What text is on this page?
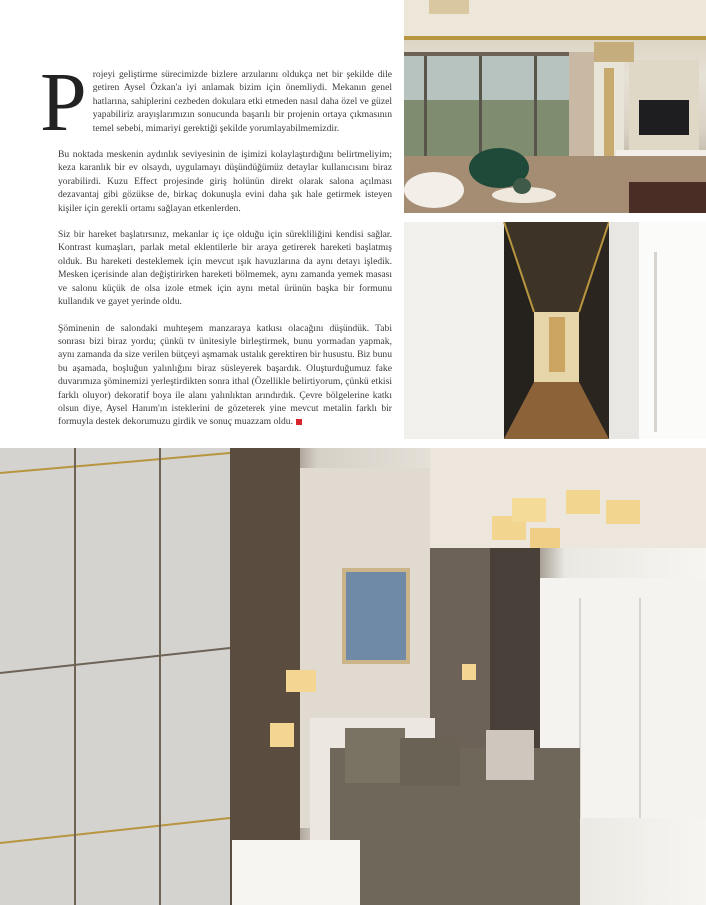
P rojeyi geliştirme sürecimizde bizlere arzularını oldukça net bir şekilde dile getiren Aysel Özkan'a iyi anlamak bizim için önemliydi. Mekanın genel hatlarına, sahiplerini cezbeden dokulara etki etmeden nasıl daha özel ve güzel yapabiliriz arayışlarımızın sonucunda başarılı bir projenin ortaya çıkmasının temel sebebi, mimariyi gerektiği şekilde yorumlayabilmemizdir.

Bu noktada meskenin aydınlık seviyesinin de işimizi kolaylaştırdığını belirtmeliyim; keza karanlık bir ev olsaydı, uygulamayı düşündüğümüz detaylar kullanıcısını biraz yorabilirdi. Kuzu Effect projesinde giriş holünün direkt olarak salona açılması dezavantaj gibi gözükse de, birkaç dokunuşla evini daha şık hale getirmek isteyen kişiler için gerekli ortamı sağlayan etkenlerden.

Siz bir hareket başlatırsınız, mekanlar iç içe olduğu için sürekliliğini kendisi sağlar. Kontrast kumaşları, parlak metal eklentilerle bir araya getirerek hareketi başlatmış olduk. Bu hareketi desteklemek için mevcut ışık havuzlarına da aynı detayı işledik. Mesken içerisinde alan değiştirirken hareketi bölmemek, aynı zamanda yemek masası ve salonu küçük de olsa izole etmek için aynı metal ürünün başka bir formunu kullandık ve gayet yerinde oldu.

Şöminenin de salondaki muhteşem manzaraya katkısı olacağını düşündük. Tabi sonrası bizi biraz yordu; çünkü tv ünitesiyle birleştirmek, bunu yormadan yapmak, aynı zamanda da size verilen bütçeyi aşmamak ustalık gerektiren bir husustu. Biz bunu bu aşamada, boşluğun yalınlığını biraz süsleyerek başardık. Oluşturduğumuz fake duvarımıza şöminemizi yerleştirdikten sonra ithal (Özellikle belirtiyorum, çünkü etkisi farklı oluyor) dekoratif boya ile alanı yalınlıktan arındırdık. Çevre bölgelerine katkı olsun diye, Aysel Hanım'ın isteklerini de gözeterek yine mevcut metalin farklı bir formuyla destek dekorumuzu girdik ve sonuç muazzam oldu.
